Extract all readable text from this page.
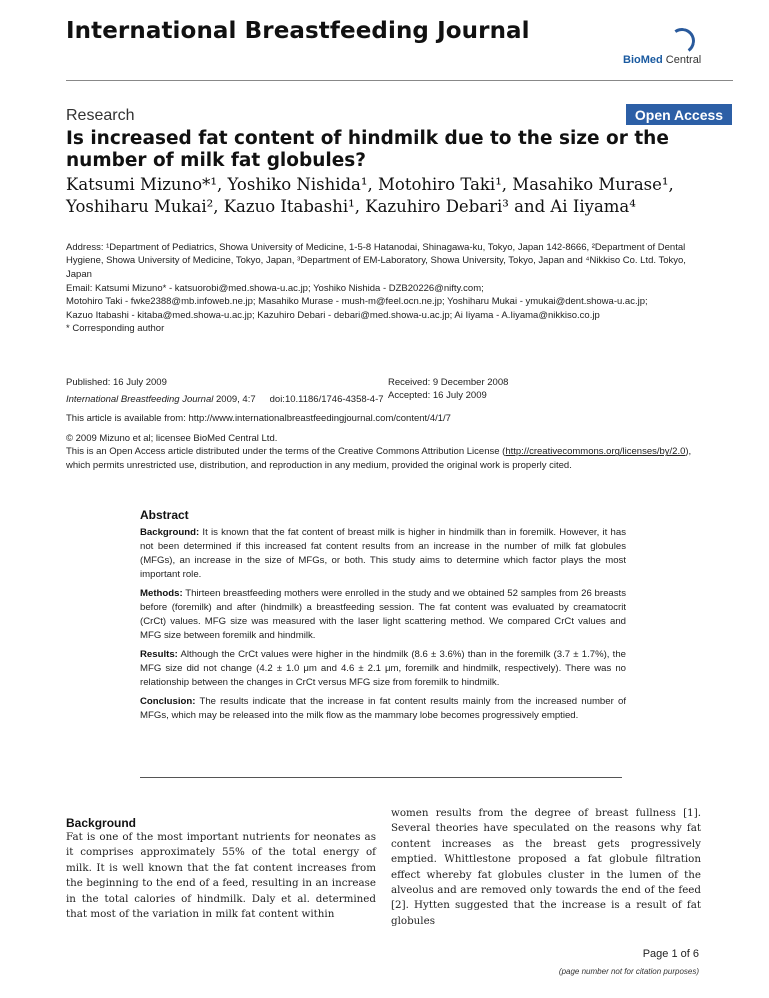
International Breastfeeding Journal
BioMed Central
Research	Open Access
Is increased fat content of hindmilk due to the size or the number of milk fat globules?
Katsumi Mizuno*¹, Yoshiko Nishida¹, Motohiro Taki¹, Masahiko Murase¹, Yoshiharu Mukai², Kazuo Itabashi¹, Kazuhiro Debari³ and Ai Iiyama⁴
Address: ¹Department of Pediatrics, Showa University of Medicine, 1-5-8 Hatanodai, Shinagawa-ku, Tokyo, Japan 142-8666, ²Department of Dental Hygiene, Showa University of Medicine, Tokyo, Japan, ³Department of EM-Laboratory, Showa University, Tokyo, Japan and ⁴Nikkiso Co. Ltd. Tokyo, Japan
Email: Katsumi Mizuno* - katsuorobi@med.showa-u.ac.jp; Yoshiko Nishida - DZB20226@nifty.com;
Motohiro Taki - fwke2388@mb.infoweb.ne.jp; Masahiko Murase - mush-m@feel.ocn.ne.jp; Yoshiharu Mukai - ymukai@dent.showa-u.ac.jp;
Kazuo Itabashi - kitaba@med.showa-u.ac.jp; Kazuhiro Debari - debari@med.showa-u.ac.jp; Ai Iiyama - A.Iiyama@nikkiso.co.jp
* Corresponding author
Published: 16 July 2009
International Breastfeeding Journal 2009, 4:7 doi:10.1186/1746-4358-4-7
Received: 9 December 2008
Accepted: 16 July 2009
This article is available from: http://www.internationalbreastfeedingjournal.com/content/4/1/7
© 2009 Mizuno et al; licensee BioMed Central Ltd.
This is an Open Access article distributed under the terms of the Creative Commons Attribution License (http://creativecommons.org/licenses/by/2.0), which permits unrestricted use, distribution, and reproduction in any medium, provided the original work is properly cited.
Abstract

Background: It is known that the fat content of breast milk is higher in hindmilk than in foremilk. However, it has not been determined if this increased fat content results from an increase in the number of milk fat globules (MFGs), an increase in the size of MFGs, or both. This study aims to determine which factor plays the most important role.

Methods: Thirteen breastfeeding mothers were enrolled in the study and we obtained 52 samples from 26 breasts before (foremilk) and after (hindmilk) a breastfeeding session. The fat content was evaluated by creamatocrit (CrCt) values. MFG size was measured with the laser light scattering method. We compared CrCt values and MFG size between foremilk and hindmilk.

Results: Although the CrCt values were higher in the hindmilk (8.6 ± 3.6%) than in the foremilk (3.7 ± 1.7%), the MFG size did not change (4.2 ± 1.0 μm and 4.6 ± 2.1 μm, foremilk and hindmilk, respectively). There was no relationship between the changes in CrCt versus MFG size from foremilk to hindmilk.

Conclusion: The results indicate that the increase in fat content results mainly from the increased number of MFGs, which may be released into the milk flow as the mammary lobe becomes progressively emptied.

Background
Fat is one of the most important nutrients for neonates as it comprises approximately 55% of the total energy of milk. It is well known that the fat content increases from the beginning to the end of a feed, resulting in an increase in the total calories of hindmilk. Daly et al. determined that most of the variation in milk fat content within
women results from the degree of breast fullness [1]. Several theories have speculated on the reasons why fat content increases as the breast gets progressively emptied. Whittlestone proposed a fat globule filtration effect whereby fat globules cluster in the lumen of the alveolus and are removed only towards the end of the feed [2]. Hytten suggested that the increase is a result of fat globules
Page 1 of 6
(page number not for citation purposes)
